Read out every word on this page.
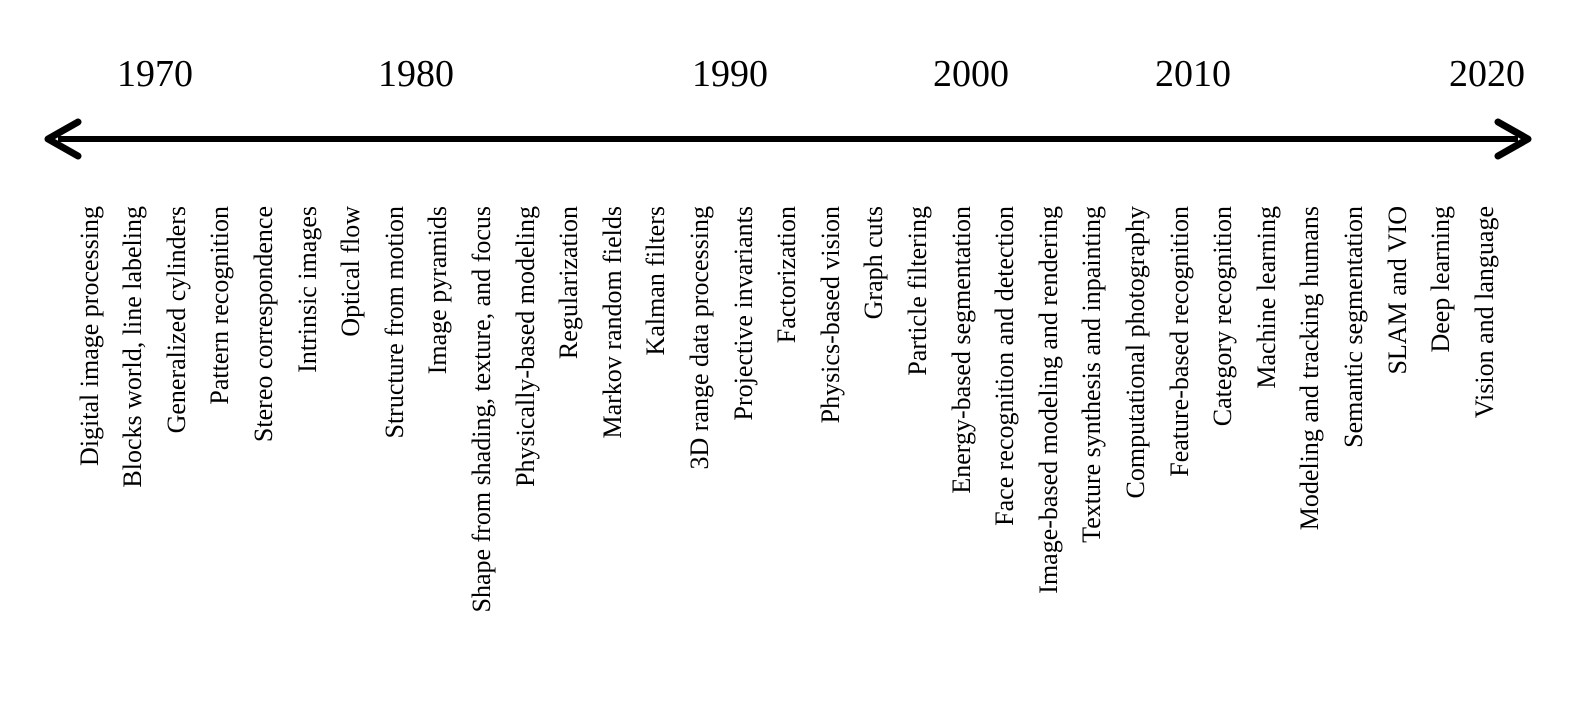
1970	1980	1990	2000	2010	2020
Digital image processing Blocks world, line labeling Generalized cylinders Pattern recognition Stereo correspondence Intrinsic images Optical flow Structure from motion Image pyramids Shape from shading, texture, and focus Physically-based modeling Regularization Markov random fields Kalman filters 3D range data processing Projective invariants Factorization Physics-based vision Graph cuts Particle filtering Energy-based segmentation Face recognition and detection Image-based modeling and rendering Texture synthesis and inpainting Computational photography Feature-based recognition Category recognition Machine learning Modeling and tracking humans Semantic segmentation SLAM and VIO Deep learning Vision and language
